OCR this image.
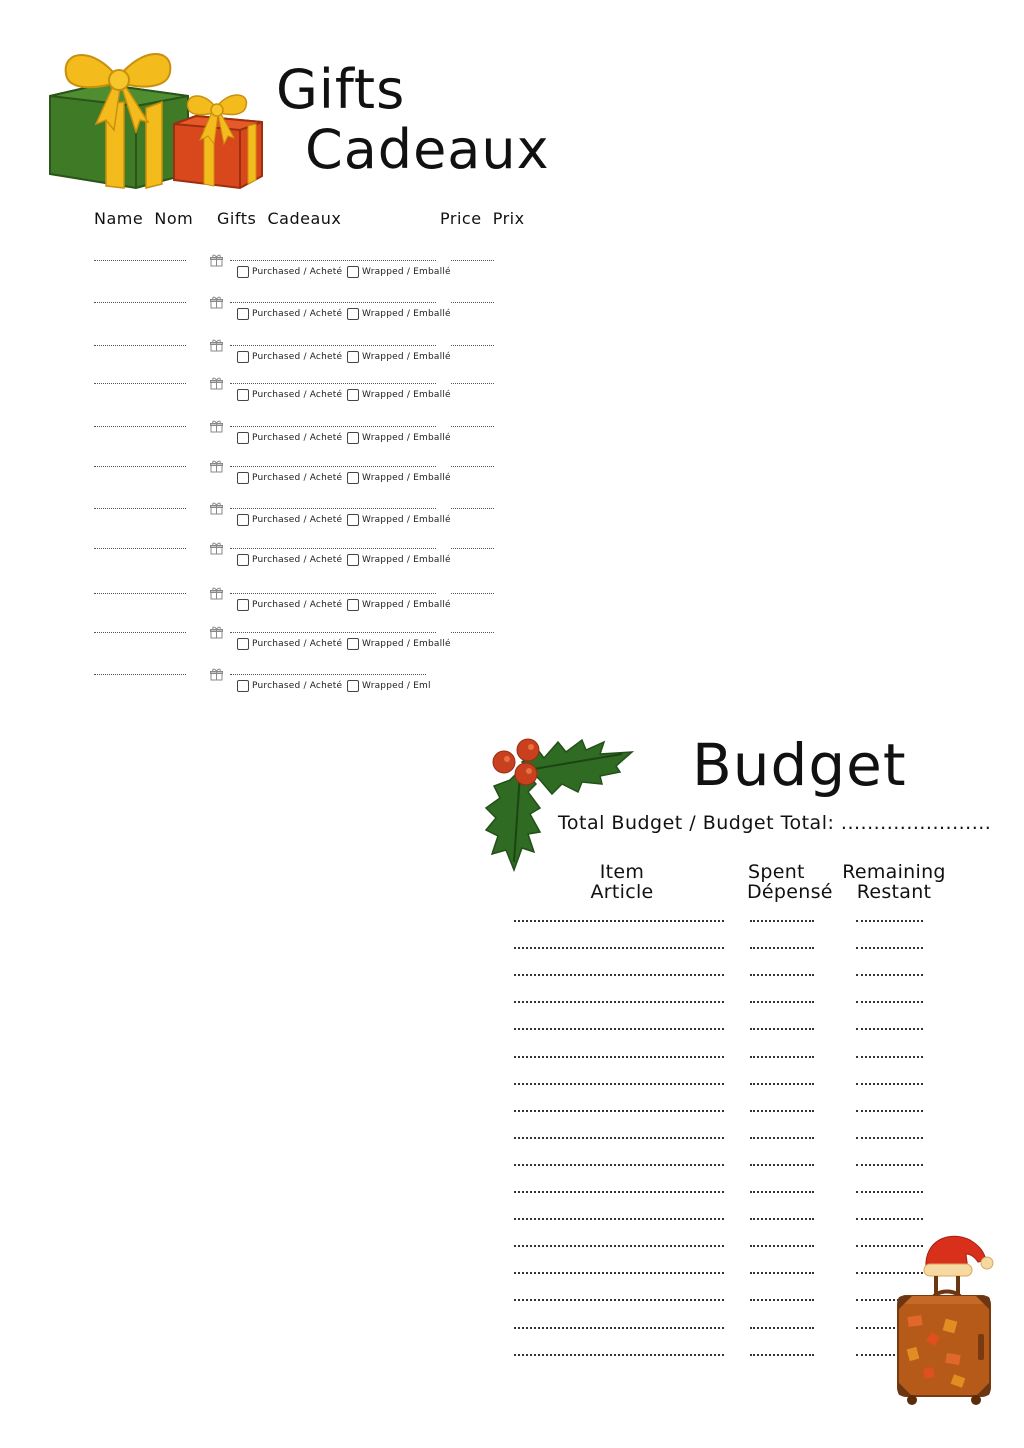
Gifts
Cadeaux
Name  Nom Gifts  Cadeaux	Price  Prix
Purchased / Acheté Wrapped / Emballé
Purchased / Acheté Wrapped / Emballé
Purchased / Acheté Wrapped / Emballé
Purchased / Acheté Wrapped / Emballé
Purchased / Acheté Wrapped / Emballé
Purchased / Acheté Wrapped / Emballé
Purchased / Acheté Wrapped / Emballé
Purchased / Acheté Wrapped / Emballé
Purchased / Acheté Wrapped / Emballé
Purchased / Acheté Wrapped / Emballé
Purchased / Acheté Wrapped / Eml
Budget
Total Budget / Budget Total: .......................
Item
Article
Spent
Dépensé
Remaining
Restant
